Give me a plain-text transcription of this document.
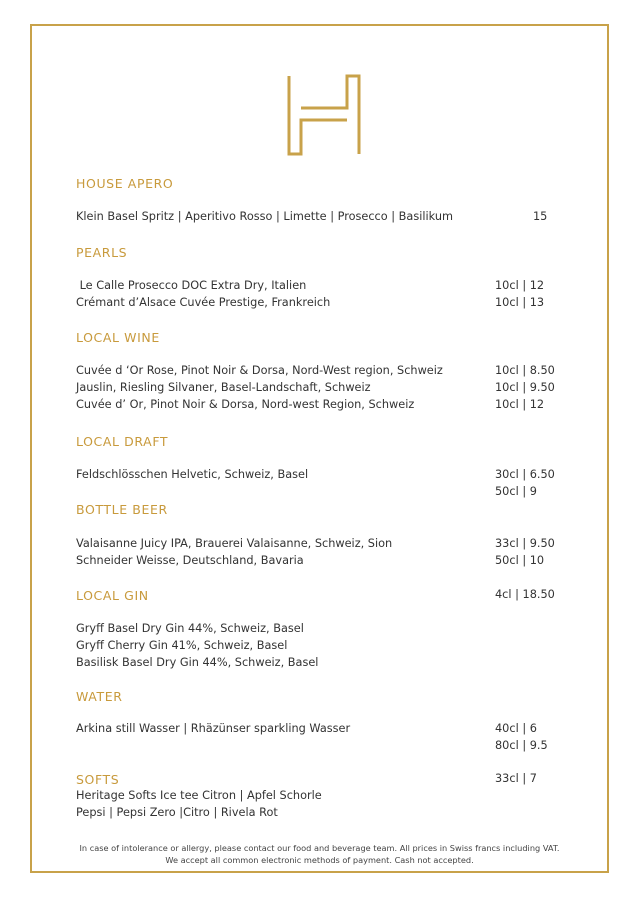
HOUSE APERO
Klein Basel Spritz | Aperitivo Rosso | Limette | Prosecco | Basilikum	15
PEARLS
Le Calle Prosecco DOC Extra Dry, Italien	10cl | 12
Crémant d’Alsace Cuvée Prestige, Frankreich	10cl | 13
LOCAL WINE
Cuvée d ‘Or Rose, Pinot Noir & Dorsa, Nord-West region, Schweiz	10cl | 8.50
Jauslin, Riesling Silvaner, Basel-Landschaft, Schweiz	10cl | 9.50
Cuvée d’ Or, Pinot Noir & Dorsa, Nord-west Region, Schweiz	10cl | 12
LOCAL DRAFT
Feldschlösschen Helvetic, Schweiz, Basel	30cl | 6.50
50cl | 9
BOTTLE BEER
Valaisanne Juicy IPA, Brauerei Valaisanne, Schweiz, Sion	33cl | 9.50
Schneider Weisse, Deutschland, Bavaria	50cl | 10
LOCAL GIN	4cl | 18.50
Gryff Basel Dry Gin 44%, Schweiz, Basel
Gryff Cherry Gin 41%, Schweiz, Basel
Basilisk Basel Dry Gin 44%, Schweiz, Basel
WATER
Arkina still Wasser | Rhäzünser sparkling Wasser	40cl | 6
80cl | 9.5
SOFTS	33cl | 7
Heritage Softs Ice tee Citron | Apfel Schorle
Pepsi | Pepsi Zero |Citro | Rivela Rot
In case of intolerance or allergy, please contact our food and beverage team. All prices in Swiss francs including VAT.
We accept all common electronic methods of payment. Cash not accepted.
